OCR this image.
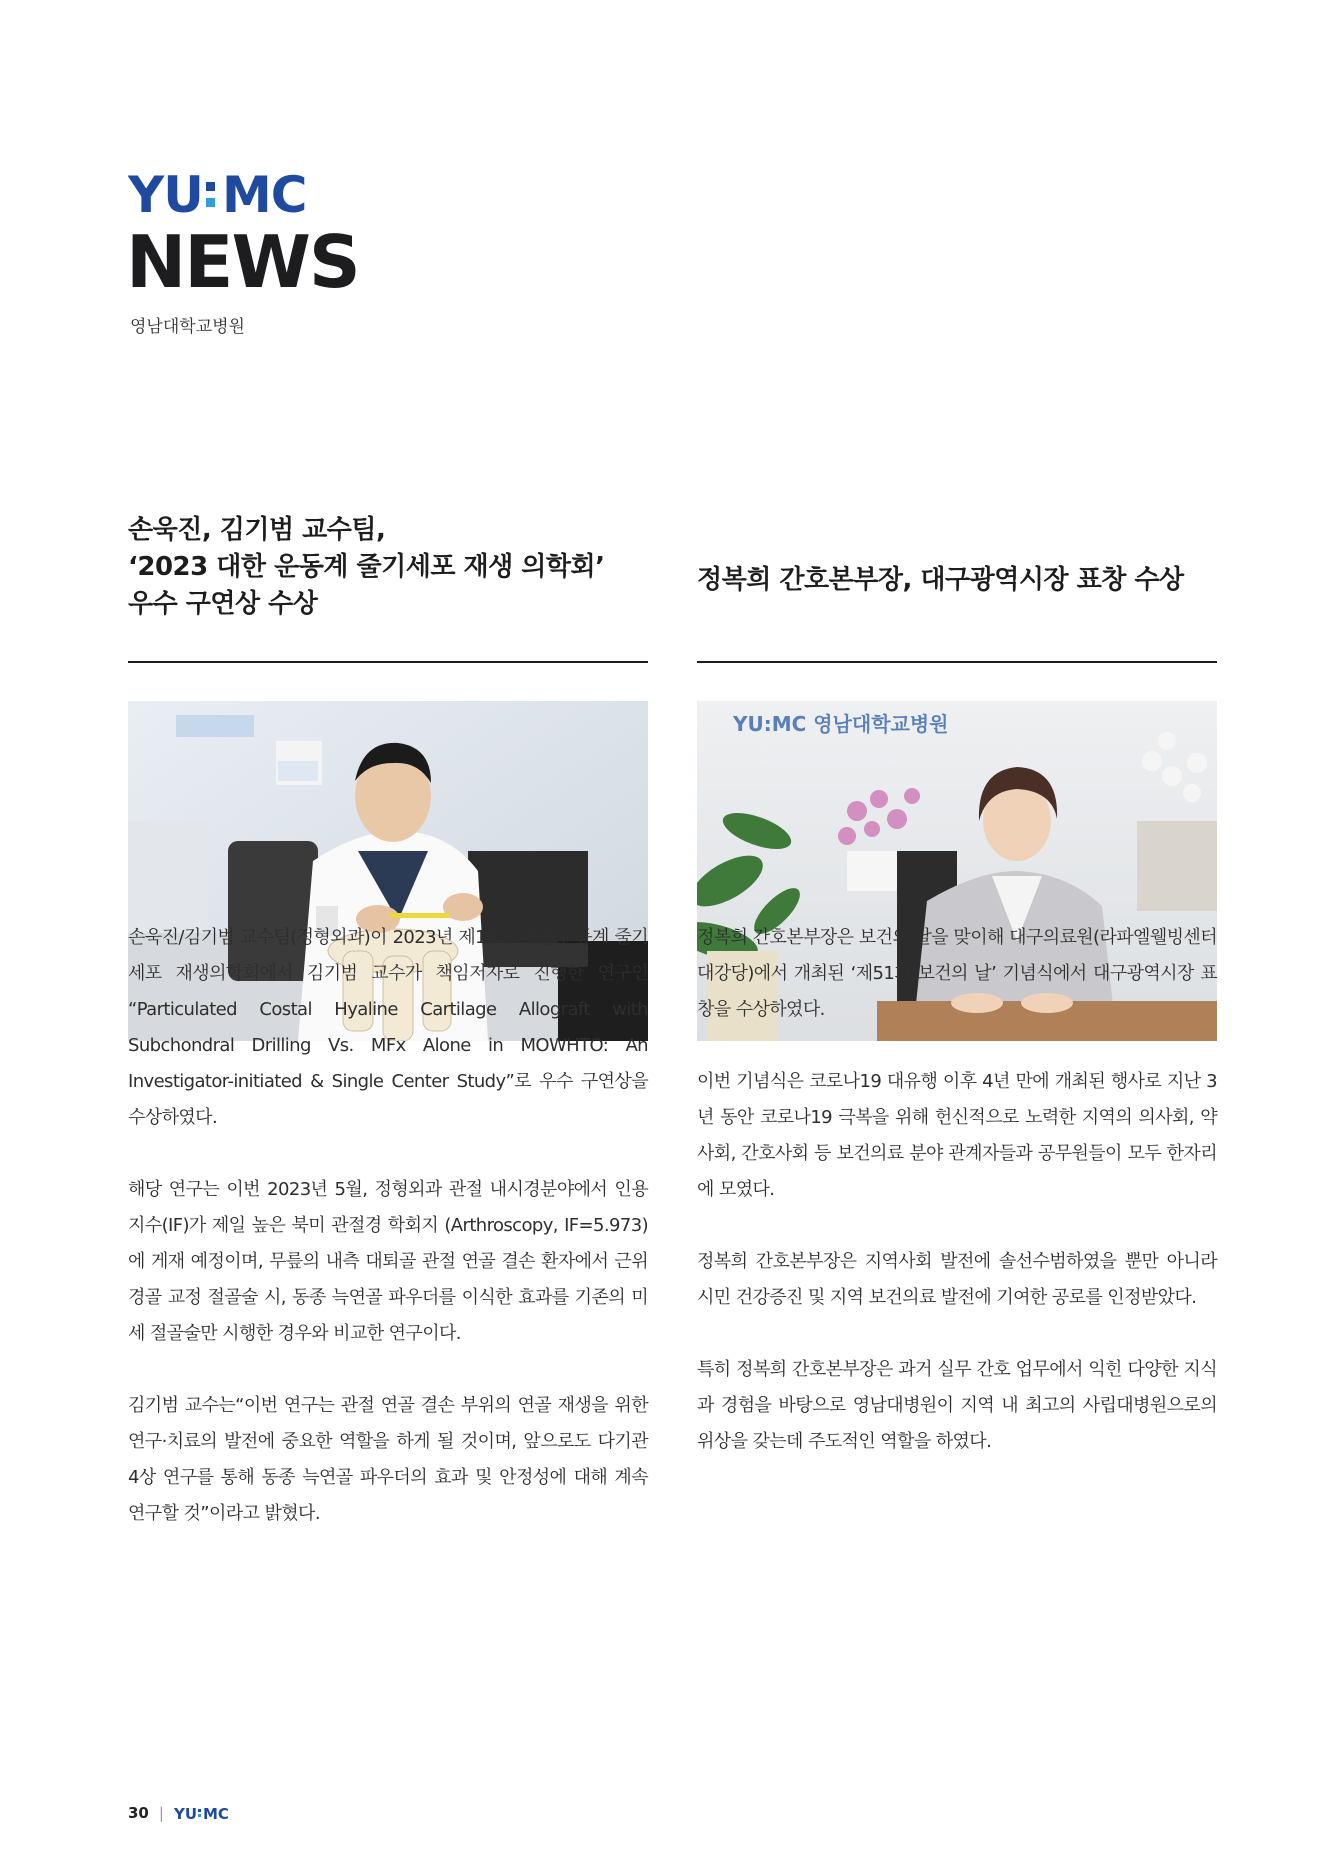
YU MC
NEWS
영남대학교병원
손욱진, 김기범 교수팀,
‘2023 대한 운동계 줄기세포 재생 의학회’
우수 구연상 수상

손욱진/김기범 교수팀(정형외과)이 2023년 제18회 대한 운동계 줄기세포 재생의학회에서 김기범 교수가 책임저자로 진행한 연구인 “Particulated Costal Hyaline Cartilage Allograft with Subchondral Drilling Vs. MFx Alone in MOWHTO: An Investigator-initiated & Single Center Study”로 우수 구연상을 수상하였다.

해당 연구는 이번 2023년 5월, 정형외과 관절 내시경분야에서 인용지수(IF)가 제일 높은 북미 관절경 학회지 (Arthroscopy, IF=5.973)에 게재 예정이며, 무릎의 내측 대퇴골 관절 연골 결손 환자에서 근위 경골 교정 절골술 시, 동종 늑연골 파우더를 이식한 효과를 기존의 미세 절골술만 시행한 경우와 비교한 연구이다.

김기범 교수는“이번 연구는 관절 연골 결손 부위의 연골 재생을 위한 연구·치료의 발전에 중요한 역할을 하게 될 것이며, 앞으로도 다기관 4상 연구를 통해 동종 늑연골 파우더의 효과 및 안정성에 대해 계속 연구할 것”이라고 밝혔다.

정복희 간호본부장, 대구광역시장 표창 수상
YU:MC 영남대학교병원

정복희 간호본부장은 보건의 날을 맞이해 대구의료원(라파엘웰빙센터 대강당)에서 개최된 ‘제51회 보건의 날’ 기념식에서 대구광역시장 표창을 수상하였다.

이번 기념식은 코로나19 대유행 이후 4년 만에 개최된 행사로 지난 3년 동안 코로나19 극복을 위해 헌신적으로 노력한 지역의 의사회, 약사회, 간호사회 등 보건의료 분야 관계자들과 공무원들이 모두 한자리에 모였다.

정복희 간호본부장은 지역사회 발전에 솔선수범하였을 뿐만 아니라 시민 건강증진 및 지역 보건의료 발전에 기여한 공로를 인정받았다.

특히 정복희 간호본부장은 과거 실무 간호 업무에서 익힌 다양한 지식과 경험을 바탕으로 영남대병원이 지역 내 최고의 사립대병원으로의 위상을 갖는데 주도적인 역할을 하였다.

30 | YU MC
